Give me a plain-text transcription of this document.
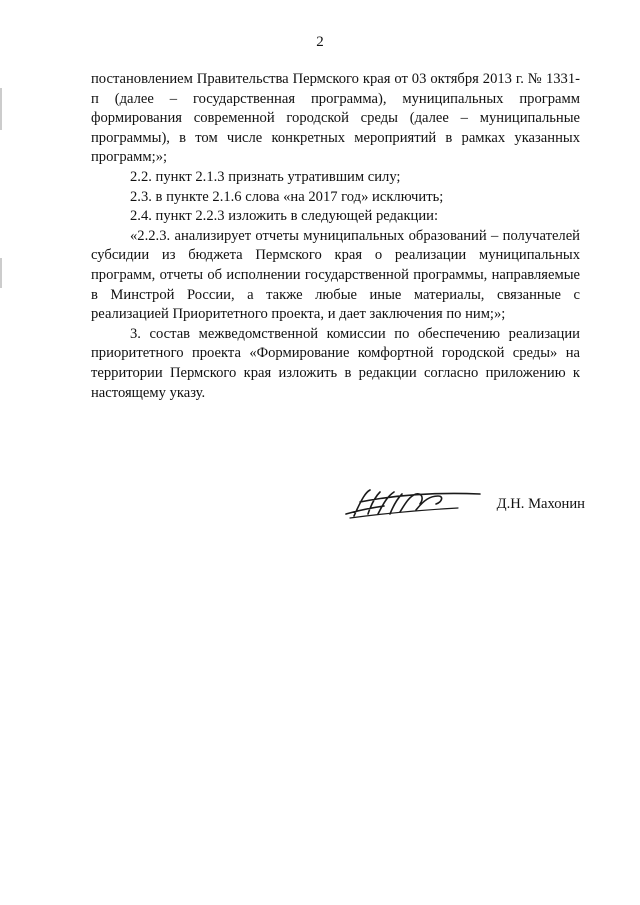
2

постановлением Правительства Пермского края от 03 октября 2013 г. № 1331-п (далее – государственная программа), муниципальных программ формирования современной городской среды (далее – муниципальные программы), в том числе конкретных мероприятий в рамках указанных программ;»;

2.2. пункт 2.1.3 признать утратившим силу;

2.3. в пункте 2.1.6 слова «на 2017 год» исключить;

2.4. пункт 2.2.3 изложить в следующей редакции:

«2.2.3. анализирует отчеты муниципальных образований – получателей субсидии из бюджета Пермского края о реализации муниципальных программ, отчеты об исполнении государственной программы, направляемые в Минстрой России, а также любые иные материалы, связанные с реализацией Приоритетного проекта, и дает заключения по ним;»;

3. состав межведомственной комиссии по обеспечению реализации приоритетного проекта «Формирование комфортной городской среды» на территории Пермского края изложить в редакции согласно приложению к настоящему указу.

Д.Н. Махонин
